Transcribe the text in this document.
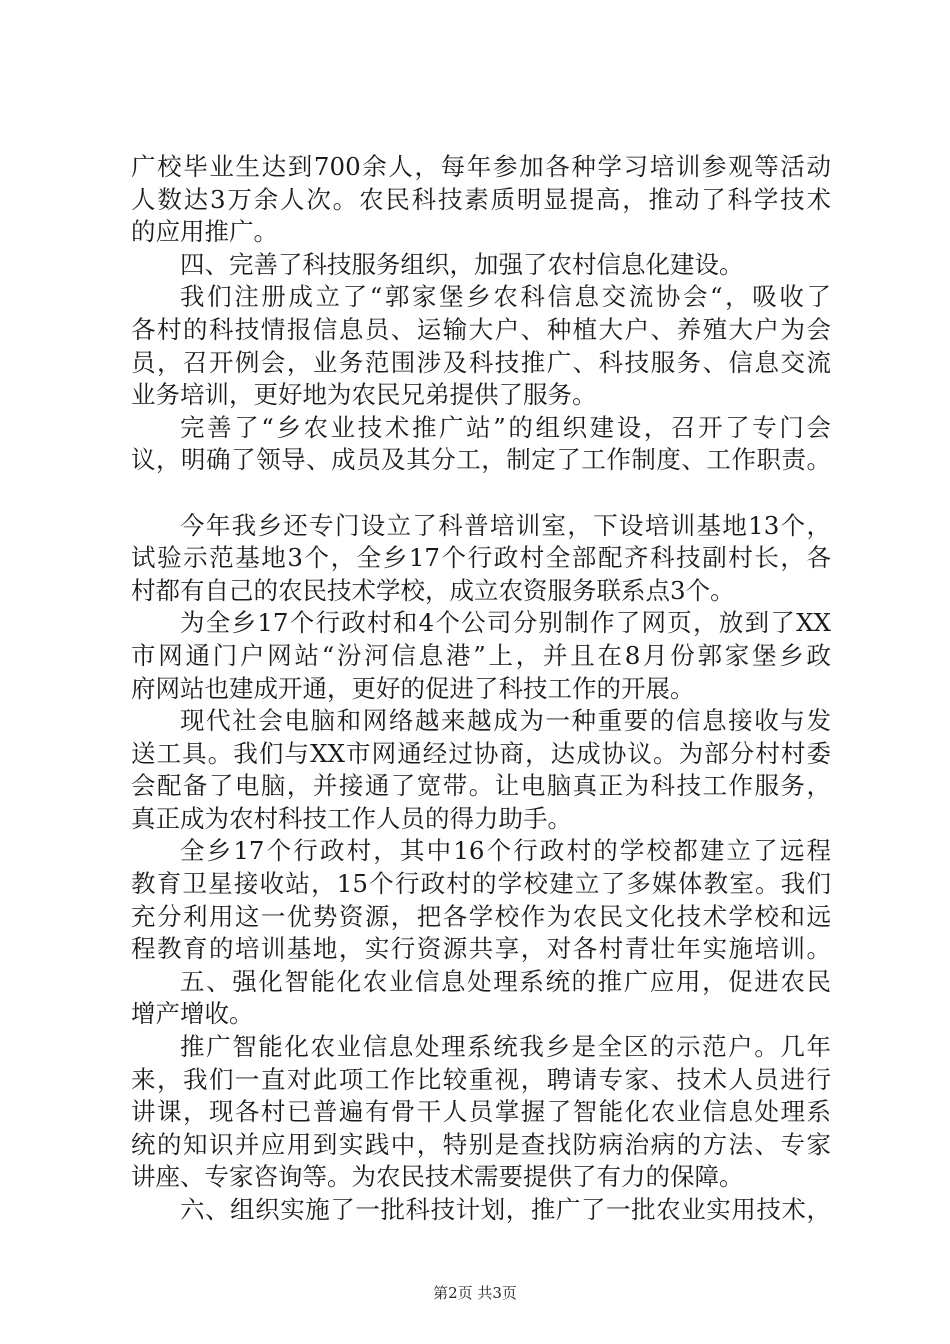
广校毕业生达到700余人，每年参加各种学习培训参观等活动
人数达3万余人次。农民科技素质明显提高，推动了科学技术
的应用推广。
四、完善了科技服务组织，加强了农村信息化建设。
我们注册成立了“郭家堡乡农科信息交流协会“，吸收了
各村的科技情报信息员、运输大户、种植大户、养殖大户为会
员，召开例会，业务范围涉及科技推广、科技服务、信息交流
业务培训，更好地为农民兄弟提供了服务。
完善了“乡农业技术推广站”的组织建设，召开了专门会
议，明确了领导、成员及其分工，制定了工作制度、工作职责。
今年我乡还专门设立了科普培训室，下设培训基地13个，
试验示范基地3个，全乡17个行政村全部配齐科技副村长，各
村都有自己的农民技术学校，成立农资服务联系点3个。
为全乡17个行政村和4个公司分别制作了网页，放到了XX
市网通门户网站“汾河信息港”上，并且在8月份郭家堡乡政
府网站也建成开通，更好的促进了科技工作的开展。
现代社会电脑和网络越来越成为一种重要的信息接收与发
送工具。我们与XX市网通经过协商，达成协议。为部分村村委
会配备了电脑，并接通了宽带。让电脑真正为科技工作服务，
真正成为农村科技工作人员的得力助手。
全乡17个行政村，其中16个行政村的学校都建立了远程
教育卫星接收站，15个行政村的学校建立了多媒体教室。我们
充分利用这一优势资源，把各学校作为农民文化技术学校和远
程教育的培训基地，实行资源共享，对各村青壮年实施培训。
五、强化智能化农业信息处理系统的推广应用，促进农民
增产增收。
推广智能化农业信息处理系统我乡是全区的示范户。几年
来，我们一直对此项工作比较重视，聘请专家、技术人员进行
讲课，现各村已普遍有骨干人员掌握了智能化农业信息处理系
统的知识并应用到实践中，特别是查找防病治病的方法、专家
讲座、专家咨询等。为农民技术需要提供了有力的保障。
六、组织实施了一批科技计划，推广了一批农业实用技术，
第2页 共3页
